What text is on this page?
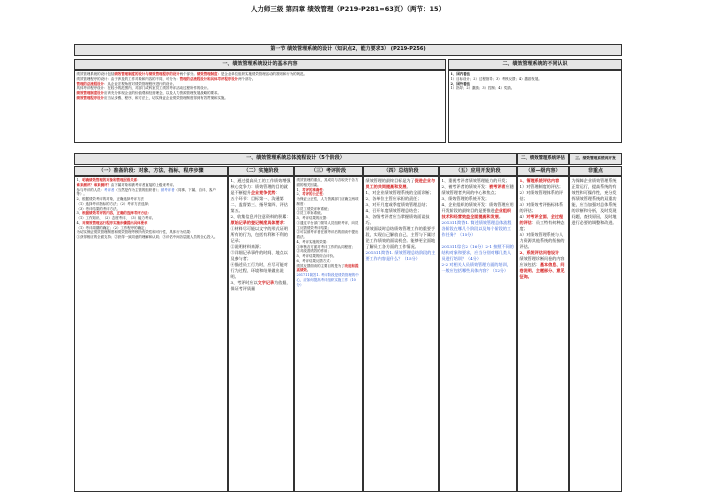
人力师三级 第四章 绩效管理（P219-P281=63页）（两节：15）
第一节 绩效管理系统的设计（知识点2，能力要求3） (P219-P256)
一、绩效管理系统设计的基本内容
绩效管理系统的设计包括绩效管理制度的设计与绩效管理程序的设计两个部分。绩效管理制度：是企业单位组织实施绩效管理活动的准则和行为的规范。
绩效管理程序的设计：由于涉及的工作对象和内容的不同，可分为：管理的总流程设计和具体考评程序设计两个部分。
管理的总流程设计：从企业宏观角度对绩效管理程序进行的设计。
具体考评程序设计：在较小的范围内，对部门或科室员工绩效考评活动过程所作的设计。
绩效管理制度设计应该充分体现企业的价值观和经营理念，以及人力资源管理发展战略的要求。
绩效管理程序设计应当从步骤、程序、和方法上，切实保证企业绩效管理制度得到有效贯彻和实施。
二、绩效管理系统的不同认识
1、国内看法
1）目标设计；2）过程指导；3）考核反馈；4）激励发展。
2、国外看法
1）指导；2）激励；3）控制；4）奖励。
一、绩效管理系统总体流程设计（5个阶段）	二、绩效管理系统评估	三、绩效管理系统再开发
（一）准备阶段：对象、方法、指标、程序步骤	（二）实施阶段	（三）考评阶段	（四）总结阶段	（五）应用开发阶段	（原—级内容）	非重点
1、明确绩效管理的对象和管理层级关系：
谁来测评？谁来测评？由下属对象和被考评者直接的上级来考评。
参与考评的人员：考评者（当然是作为主管的组织者）；被考评者（同事、下属、自评、客户等）。
2、根据绩效考评的对象，正确选择考评方法
（1）选择考评指标的方法；（2）考评方法选择；
（3）考评结果的考评方法。
3、根据绩效考评的内容，正确的选择考评方法：
（1）工作知识、（2）态度考评、（3）能力考评。
4、对绩效管理运行程序实施步骤提出具体要求
（1）考评周期的确定；（2）工作程序的确定；
为切实保证绩效管理制度和绩效管理考核所有效性和可行性，具体行为结果：
①获得相应的全面支持；②获得一致同意的理解和认同；③评估中间各层级人员的全心投入。
1、通过提高员工的工作绩效增强核心竞争力：绩效管理的目的就是不断提升企业竞争优势：
五个环节：目标第一、沟通第二、监督第三、指导第四、评估第五。
2、收集信息并注意资料的积累：
原始记录的登记制度具体要求：
①材料尽可能以文字的形式证明所有的行为，包括有利和不利的记录；
②说明材料来源；
③详细记录事件的时间、地点以及参与者；
④描述员工行为时，应尽可能对行为过程、环境和结果做出说明。
3、考评时应以文字记录为依据，保证考评质量
绩效管理的重点，其成功与否取决于各方面的相关因素。
1、考评的准确性：
2、考评的公正性：
为保证公正性，人力资源部门应确立两项制度：
①员工绩效评审系统；
②员工申诉系统。
3、考评结果的反馈：
①通过平台部门领导人员组织考评，向员工反馈绩效考评结果；
②可以被考评者在被考评后的面谈中提出看法。
4、考评实施的效果：
①审核各方面对考评工作的认同程度；
②对改善绩效的作用；
5、考评结果的综合评价。
6、考评结果反馈方式：
绩效反馈面谈的主要目的是为了改进和提高绩效。
201711简答1. 考评阶段是绩效管理的中心，应如何提高考评组织实施工作（10分）
绩效管理的最终目标是为了促进企业与员工的共同提高和发展。
1、对企业绩效管理系统的全面诊断；
2、各单位主管应承担的责任；
3、对开月度或季度绩效管理总结；
4、召开年度绩效管理总结会；
5、各级考评者应当掌握绩效面谈技巧。
绩效面谈时总结绩效管理工作的重要手段，实现自己解放自己，主管与下属讨论工作绩效的面谈机会。能够更全面地了解员工各方面的工作情况。
201511简答1. 绩效管理总结阶段的主要工作内容是什么？（15分）
1、重视考评者绩效管理能力的开发；
2、被考评者的绩效开发：被考评者应随绩效管理者共同的中心和焦点；
3、绩效管理的系统开发；
4、企业组织的绩效开发：绩效管理应用开发阶段的最终目的是要推进企业组织技术和经营效益全面提高和发展。
201311简答1. 简述绩效管理总体流程各阶段在哪几个阶段以及每个阶段的工作任务？（15分）

201311综合2（16分）2-1 按照不同的结构对象和要求，应当分别对哪几类人员进行培训？（4分）
2-2 对相关人员绩效管理方面的培训，一般应包括哪些具体内容？（12分）
1、管理系统评估内容
1）对管理制度的评估；
2）对绩效管理体系的评估；
3）对绩效考评指标体系的评估；
4）对考评全面、全过程的评估：员工特有何种态度；
5）对绩效管理系统与人力资源其他系统的衔接的评估。
2、系统评估问卷设计
绩效管理诊断问卷的内容应该包括：基本信息、问卷说明、主题部分、意见征询。
为保障企业绩效管理系统正常运行，提高系统的有效性和可操作性，充分发挥绩效管理系统的双重功能，应当加强对总体系统的诊断和分析，及时发现问题，查找原因，及时地进行必要的调整和改进。
